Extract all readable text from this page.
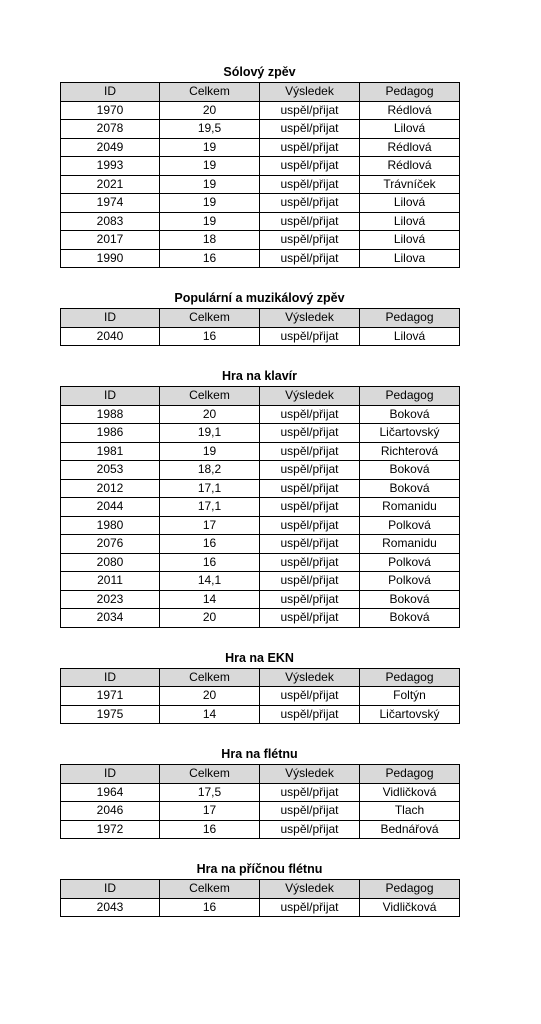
Sólový zpěv
ID	Celkem	Výsledek	Pedagog
1970	20	uspěl/přijat	Rédlová
2078	19,5	uspěl/přijat	Lilová
2049	19	uspěl/přijat	Rédlová
1993	19	uspěl/přijat	Rédlová
2021	19	uspěl/přijat	Trávníček
1974	19	uspěl/přijat	Lilová
2083	19	uspěl/přijat	Lilová
2017	18	uspěl/přijat	Lilová
1990	16	uspěl/přijat	Lilova
Populární a muzikálový zpěv
ID	Celkem	Výsledek	Pedagog
2040	16	uspěl/přijat	Lilová
Hra na klavír
ID	Celkem	Výsledek	Pedagog
1988	20	uspěl/přijat	Boková
1986	19,1	uspěl/přijat	Ličartovský
1981	19	uspěl/přijat	Richterová
2053	18,2	uspěl/přijat	Boková
2012	17,1	uspěl/přijat	Boková
2044	17,1	uspěl/přijat	Romanidu
1980	17	uspěl/přijat	Polková
2076	16	uspěl/přijat	Romanidu
2080	16	uspěl/přijat	Polková
2011	14,1	uspěl/přijat	Polková
2023	14	uspěl/přijat	Boková
2034	20	uspěl/přijat	Boková
Hra na EKN
ID	Celkem	Výsledek	Pedagog
1971	20	uspěl/přijat	Foltýn
1975	14	uspěl/přijat	Ličartovský
Hra na flétnu
ID	Celkem	Výsledek	Pedagog
1964	17,5	uspěl/přijat	Vidličková
2046	17	uspěl/přijat	Tlach
1972	16	uspěl/přijat	Bednářová
Hra na příčnou flétnu
ID	Celkem	Výsledek	Pedagog
2043	16	uspěl/přijat	Vidličková
